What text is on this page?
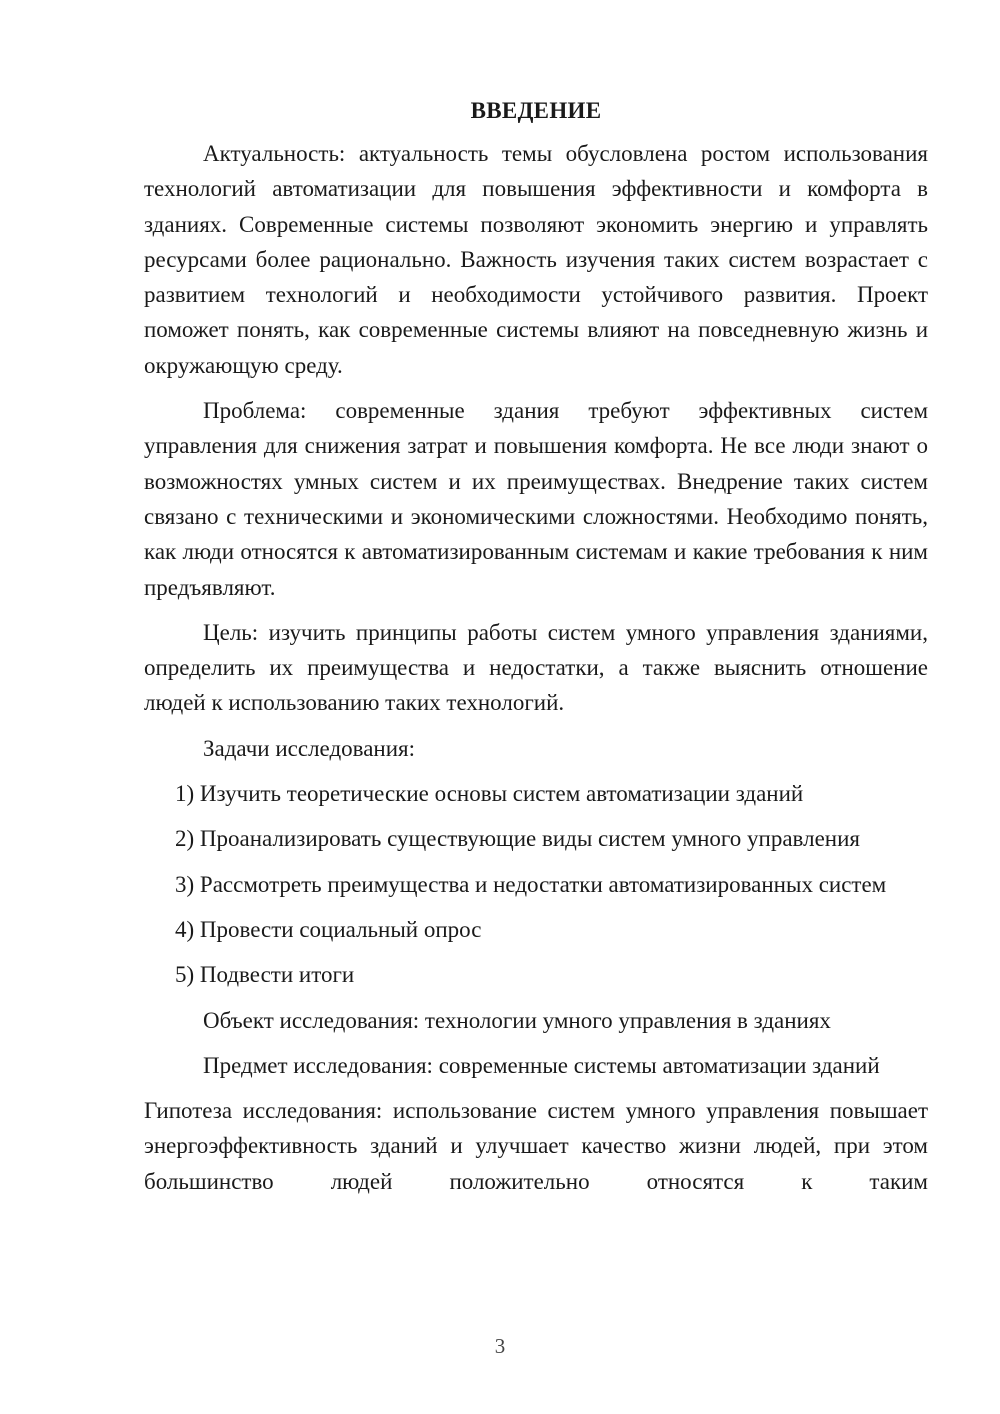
ВВЕДЕНИЕ

Актуальность: актуальность темы обусловлена ростом использования технологий автоматизации для повышения эффективности и комфорта в зданиях. Современные системы позволяют экономить энергию и управлять ресурсами более рационально. Важность изучения таких систем возрастает с развитием технологий и необходимости устойчивого развития. Проект поможет понять, как современные системы влияют на повседневную жизнь и окружающую среду.

Проблема: современные здания требуют эффективных систем управления для снижения затрат и повышения комфорта. Не все люди знают о возможностях умных систем и их преимуществах. Внедрение таких систем связано с техническими и экономическими сложностями. Необходимо понять, как люди относятся к автоматизированным системам и какие требования к ним предъявляют.

Цель: изучить принципы работы систем умного управления зданиями, определить их преимущества и недостатки, а также выяснить отношение людей к использованию таких технологий.

Задачи исследования:

1) Изучить теоретические основы систем автоматизации зданий

2) Проанализировать существующие виды систем умного управления

3) Рассмотреть преимущества и недостатки автоматизированных систем

4) Провести социальный опрос

5) Подвести итоги

Объект исследования: технологии умного управления в зданиях

Предмет исследования: современные системы автоматизации зданий

Гипотеза исследования: использование систем умного управления повышает энергоэффективность зданий и улучшает качество жизни людей, при этом большинство людей положительно относятся к таким

3
